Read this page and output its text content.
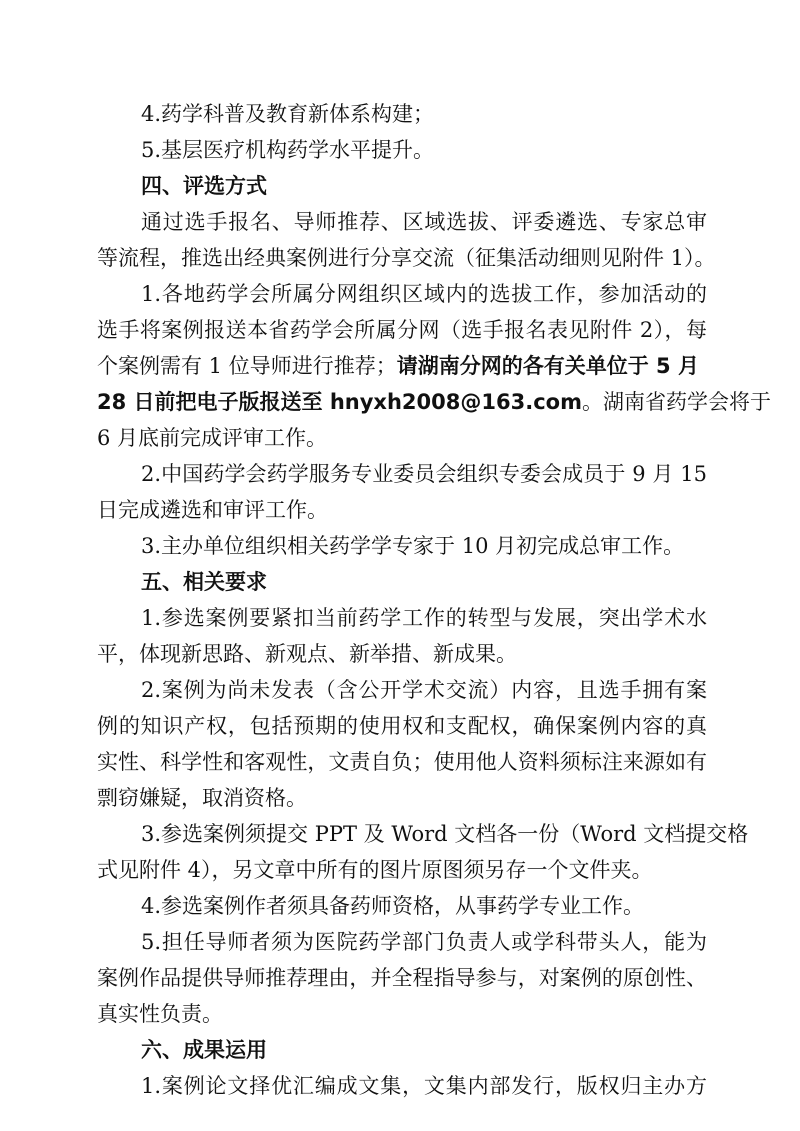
4.药学科普及教育新体系构建；
5.基层医疗机构药学水平提升。
四、评选方式
通过选手报名、导师推荐、区域选拔、评委遴选、专家总审
等流程，推选出经典案例进行分享交流（征集活动细则见附件 1）。
1.各地药学会所属分网组织区域内的选拔工作，参加活动的
选手将案例报送本省药学会所属分网（选手报名表见附件 2），每
个案例需有 1 位导师进行推荐；请湖南分网的各有关单位于 5 月
28 日前把电子版报送至 hnyxh2008@163.com。湖南省药学会将于
6 月底前完成评审工作。
2.中国药学会药学服务专业委员会组织专委会成员于 9 月 15
日完成遴选和审评工作。
3.主办单位组织相关药学学专家于 10 月初完成总审工作。
五、相关要求
1.参选案例要紧扣当前药学工作的转型与发展，突出学术水
平，体现新思路、新观点、新举措、新成果。
2.案例为尚未发表（含公开学术交流）内容，且选手拥有案
例的知识产权，包括预期的使用权和支配权，确保案例内容的真
实性、科学性和客观性，文责自负；使用他人资料须标注来源如有
剽窃嫌疑，取消资格。
3.参选案例须提交 PPT 及 Word 文档各一份（Word 文档提交格
式见附件 4），另文章中所有的图片原图须另存一个文件夹。
4.参选案例作者须具备药师资格，从事药学专业工作。
5.担任导师者须为医院药学部门负责人或学科带头人，能为
案例作品提供导师推荐理由，并全程指导参与，对案例的原创性、
真实性负责。
六、成果运用
1.案例论文择优汇编成文集，文集内部发行，版权归主办方
